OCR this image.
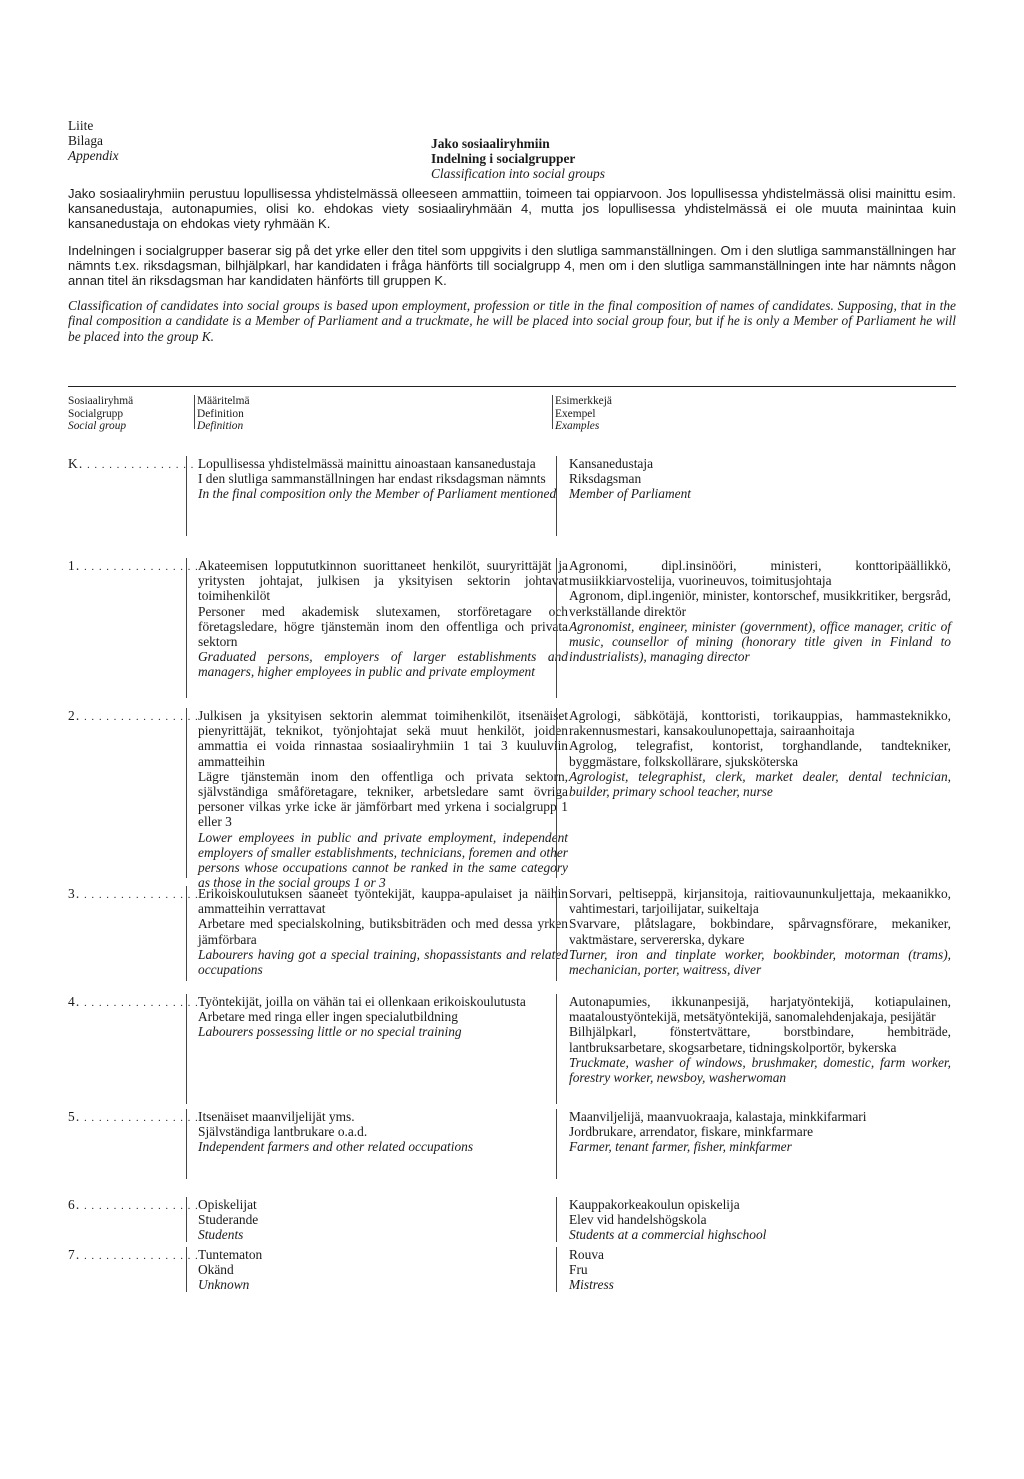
Liite
Bilaga
Appendix
Jako sosiaaliryhmiin
Indelning i socialgrupper
Classification into social groups

Jako sosiaaliryhmiin perustuu lopullisessa yhdistelmässä olleeseen ammattiin, toimeen tai oppiarvoon. Jos lopullisessa yhdistelmässä olisi mainittu esim. kansanedustaja, autonapumies, olisi ko. ehdokas viety sosiaaliryhmään 4, mutta jos lopullisessa yhdistelmässä ei ole muuta mainintaa kuin kansanedustaja on ehdokas viety ryhmään K.

Indelningen i socialgrupper baserar sig på det yrke eller den titel som uppgivits i den slutliga sammanställningen. Om i den slutliga sammanställningen har nämnts t.ex. riksdagsman, bilhjälpkarl, har kandidaten i fråga hänförts till socialgrupp 4, men om i den slutliga sammanställningen inte har nämnts någon annan titel än riksdagsman har kandidaten hänförts till gruppen K.

Classification of candidates into social groups is based upon employment, profession or title in the final composition of names of candidates. Supposing, that in the final composition a candidate is a Member of Parliament and a truckmate, he will be placed into social group four, but if he is only a Member of Parliament he will be placed into the group K.

Sosiaaliryhmä
Socialgrupp
Social group
Määritelmä
Definition
Definition
Esimerkkejä
Exempel
Examples
K. . . . . . . . . . . . . . . . .
Lopullisessa yhdistelmässä mainittu ainoastaan kansanedustaja
I den slutliga sammanställningen har endast riksdagsman nämnts
In the final composition only the Member of Parliament mentioned
Kansanedustaja
Riksdagsman
Member of Parliament
1. . . . . . . . . . . . . . . . . Akateemisen loppututkinnon suorittaneet henkilöt, suuryrittäjät ja yritysten johtajat, julkisen ja yksityisen sektorin johtavat toimihenkilöt
Personer med akademisk slutexamen, storföretagare och företagsledare, högre tjänstemän inom den offentliga och privata sektorn
Graduated persons, employers of larger establishments and managers, higher employees in public and private employment
Agronomi, dipl.insinööri, ministeri, konttoripäällikkö, musiikkiarvostelija, vuorineuvos, toimitusjohtaja
Agronom, dipl.ingeniör, minister, kontorschef, musikkritiker, bergsråd, verkställande direktör
Agronomist, engineer, minister (government), office manager, critic of music, counsellor of mining (honorary title given in Finland to industrialists), managing director
2. . . . . . . . . . . . . . . . . Julkisen ja yksityisen sektorin alemmat toimihenkilöt, itsenäiset pienyrittäjät, teknikot, työnjohtajat sekä muut henkilöt, joiden ammattia ei voida rinnastaa sosiaaliryhmiin 1 tai 3 kuuluviin ammatteihin
Lägre tjänstemän inom den offentliga och privata sektorn, självständiga småföretagare, tekniker, arbetsledare samt övriga personer vilkas yrke icke är jämförbart med yrkena i socialgrupp 1 eller 3
Lower employees in public and private employment, independent employers of smaller establishments, technicians, foremen and other persons whose occupations cannot be ranked in the same category as those in the social groups 1 or 3
Agrologi, säbkötäjä, konttoristi, torikauppias, hammasteknikko, rakennusmestari, kansakoulunopettaja, sairaanhoitaja
Agrolog, telegrafist, kontorist, torghandlande, tandtekniker, byggmästare, folkskollärare, sjuksköterska
Agrologist, telegraphist, clerk, market dealer, dental technician, builder, primary school teacher, nurse
3. . . . . . . . . . . . . . . . . Erikoiskoulutuksen saaneet työntekijät, kauppa-apulaiset ja näihin ammatteihin verrattavat
Arbetare med specialskolning, butiksbiträden och med dessa yrken jämförbara
Labourers having got a special training, shopassistants and related occupations
Sorvari, peltiseppä, kirjansitoja, raitiovaununkuljettaja, mekaanikko, vahtimestari, tarjoilijatar, suikeltaja
Svarvare, plåtslagare, bokbindare, spårvagnsförare, mekaniker, vaktmästare, servererska, dykare
Turner, iron and tinplate worker, bookbinder, motorman (trams), mechanician, porter, waitress, diver
4. . . . . . . . . . . . . . . . . Työntekijät, joilla on vähän tai ei ollenkaan erikoiskoulutusta
Arbetare med ringa eller ingen specialutbildning
Labourers possessing little or no special training
Autonapumies, ikkunanpesijä, harjatyöntekijä, kotiapulainen, maataloustyöntekijä, metsätyöntekijä, sanomalehdenjakaja, pesijätär
Bilhjälpkarl, fönstertvättare, borstbindare, hembiträde, lantbruksarbetare, skogsarbetare, tidningskolportör, bykerska
Truckmate, washer of windows, brushmaker, domestic, farm worker, forestry worker, newsboy, washerwoman
5. . . . . . . . . . . . . . . . . Itsenäiset maanviljelijät yms.
Självständiga lantbrukare o.a.d.
Independent farmers and other related occupations
Maanviljelijä, maanvuokraaja, kalastaja, minkkifarmari
Jordbrukare, arrendator, fiskare, minkfarmare
Farmer, tenant farmer, fisher, minkfarmer
6. . . . . . . . . . . . . . . . . Opiskelijat
Studerande
Students
Kauppakorkeakoulun opiskelija
Elev vid handelshögskola
Students at a commercial highschool
7. . . . . . . . . . . . . . . . . Tuntematon
Okänd
Unknown
Rouva
Fru
Mistress
